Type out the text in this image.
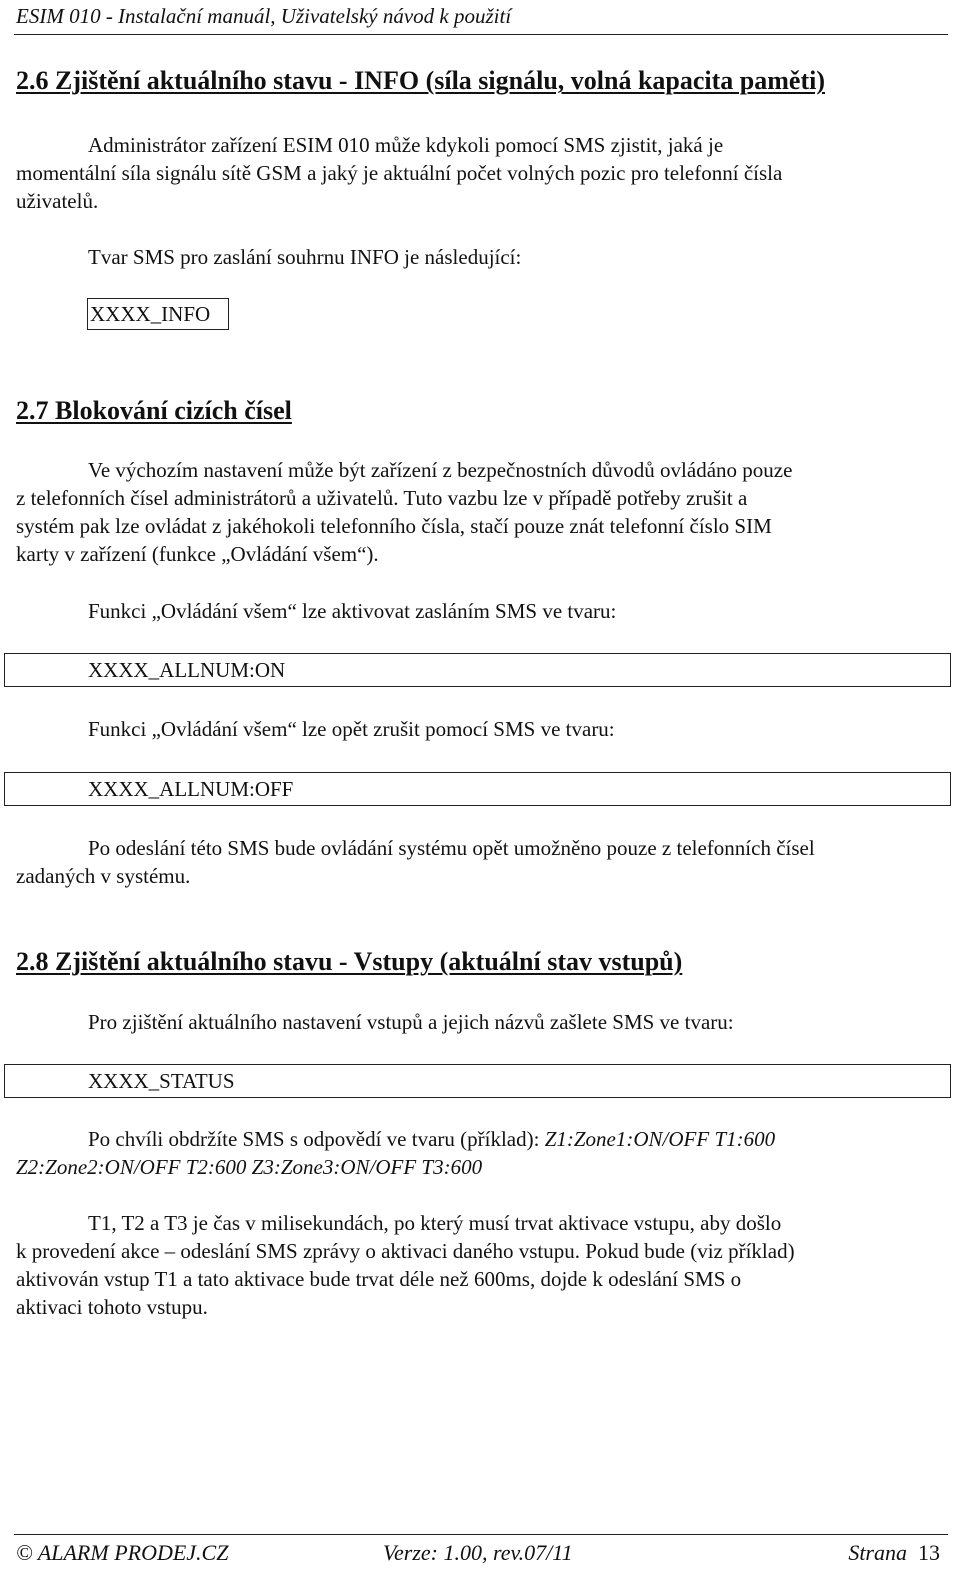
ESIM 010 - Instalační manuál, Uživatelský návod k použití
2.6 Zjištění aktuálního stavu - INFO (síla signálu, volná kapacita paměti)
Administrátor zařízení ESIM 010 může kdykoli pomocí SMS zjistit, jaká je
momentální síla signálu sítě GSM a jaký je aktuální počet volných pozic pro telefonní čísla
uživatelů.
Tvar SMS pro zaslání souhrnu INFO je následující:
XXXX_INFO
2.7 Blokování cizích čísel
Ve výchozím nastavení může být zařízení z bezpečnostních důvodů ovládáno pouze
z telefonních čísel administrátorů a uživatelů. Tuto vazbu lze v případě potřeby zrušit a
systém pak lze ovládat z jakéhokoli telefonního čísla, stačí pouze znát telefonní číslo SIM
karty v zařízení (funkce „Ovládání všem“).
Funkci „Ovládání všem“ lze aktivovat zasláním SMS ve tvaru:
XXXX_ALLNUM:ON
Funkci „Ovládání všem“ lze opět zrušit pomocí SMS ve tvaru:
XXXX_ALLNUM:OFF
Po odeslání této SMS bude ovládání systému opět umožněno pouze z telefonních čísel
zadaných v systému.
2.8 Zjištění aktuálního stavu - Vstupy (aktuální stav vstupů)
Pro zjištění aktuálního nastavení vstupů a jejich názvů zašlete SMS ve tvaru:
XXXX_STATUS
Po chvíli obdržíte SMS s odpovědí ve tvaru (příklad): Z1:Zone1:ON/OFF T1:600
Z2:Zone2:ON/OFF T2:600 Z3:Zone3:ON/OFF T3:600
T1, T2 a T3 je čas v milisekundách, po který musí trvat aktivace vstupu, aby došlo
k provedení akce – odeslání SMS zprávy o aktivaci daného vstupu. Pokud bude (viz příklad)
aktivován vstup T1 a tato aktivace bude trvat déle než 600ms, dojde k odeslání SMS o
aktivaci tohoto vstupu.
© ALARM PRODEJ.CZ	Verze: 1.00, rev.07/11	Strana 13
